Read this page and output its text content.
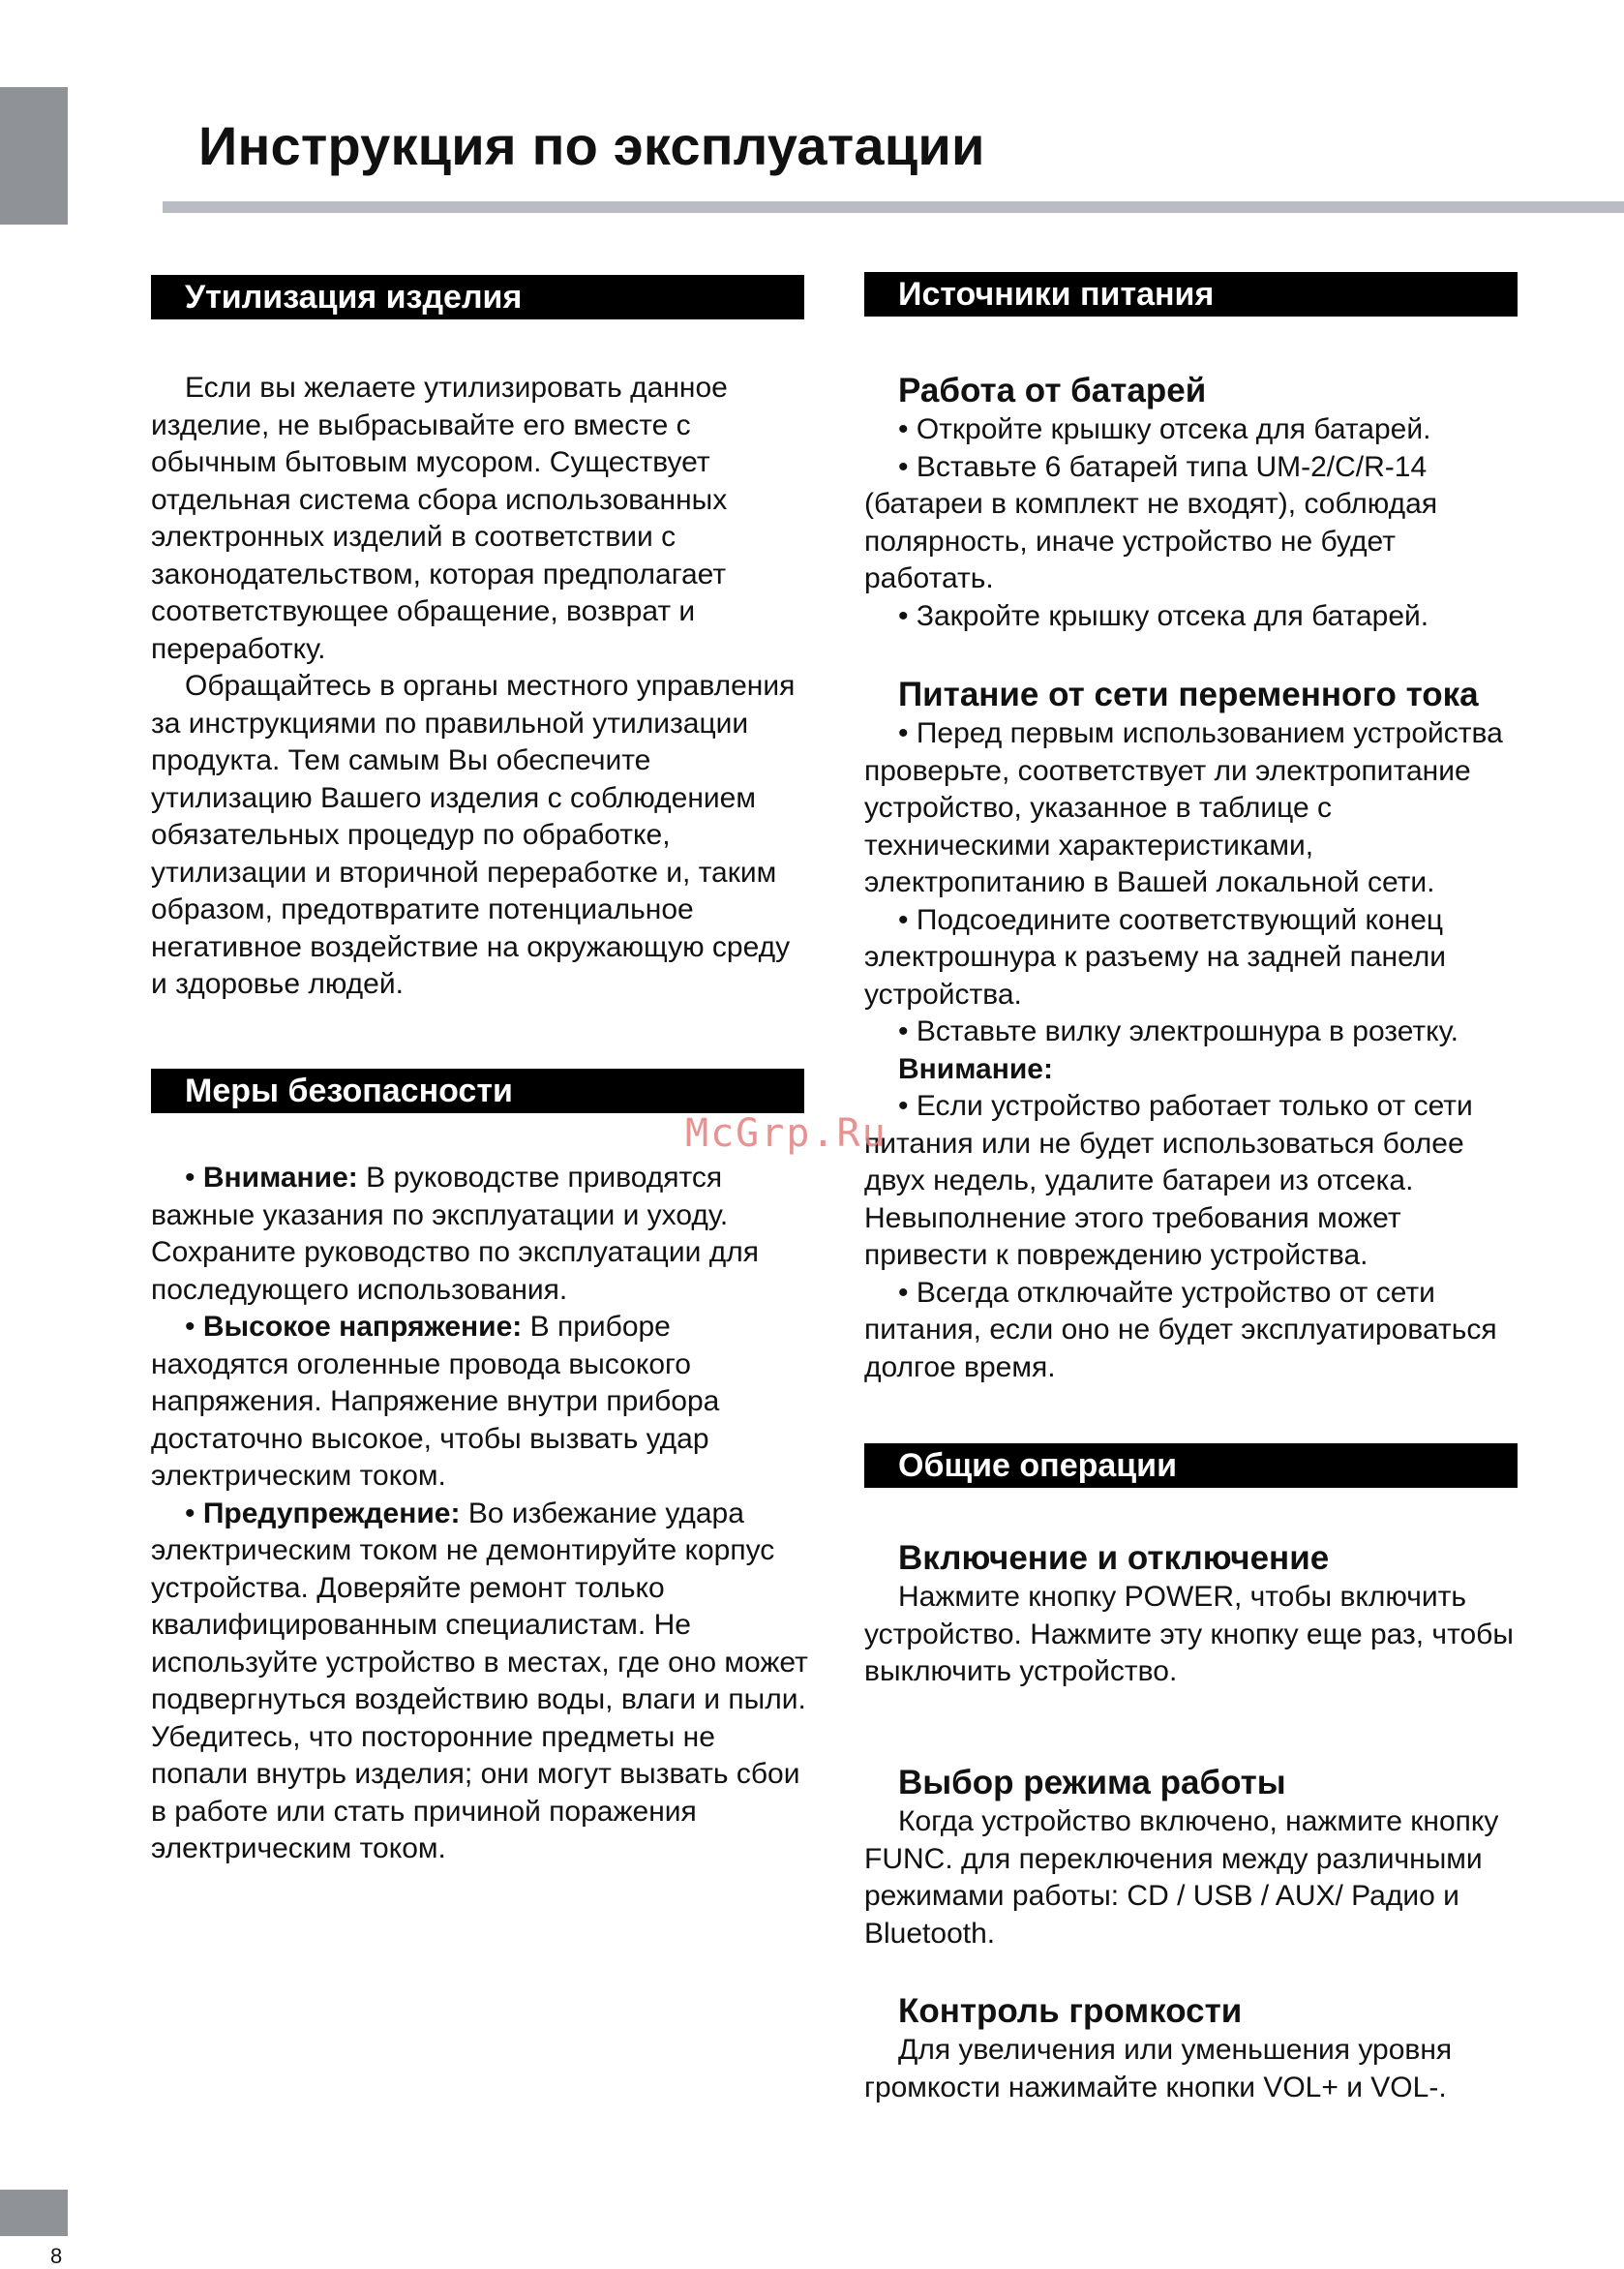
Инструкция по эксплуатации
Утилизация изделия

Если вы желаете утилизировать данное изделие, не выбрасывайте его вместе с обычным бытовым мусором. Существует отдельная система сбора использованных электронных изделий в соответствии с законодательством, которая предполагает соответствующее обращение, возврат и переработку.

Обращайтесь в органы местного управления за инструкциями по правильной утилизации продукта. Тем самым Вы обеспечите утилизацию Вашего изделия с соблюдением обязательных процедур по обработке, утилизации и вторичной переработке и, таким образом, предотвратите потенциальное негативное воздействие на окружающую среду и здоровье людей.

Меры безопасности

• Внимание: В руководстве приводятся важные указания по эксплуатации и уходу. Сохраните руководство по эксплуатации для последующего использования.

• Высокое напряжение: В приборе находятся оголенные провода высокого напряжения. Напряжение внутри прибора достаточно высокое, чтобы вызвать удар электрическим током.

• Предупреждение: Во избежание удара электрическим током не демонтируйте корпус устройства. Доверяйте ремонт только квалифицированным специалистам. Не используйте устройство в местах, где оно может подвергнуться воздействию воды, влаги и пыли. Убедитесь, что посторонние предметы не попали внутрь изделия; они могут вызвать сбои в работе или стать причиной поражения электрическим током.

Источники питания
Работа от батарей

• Откройте крышку отсека для батарей.

• Вставьте 6 батарей типа UM-2/C/R-14 (батареи в комплект не входят), соблюдая полярность, иначе устройство не будет работать.

• Закройте крышку отсека для батарей.

Питание от сети переменного тока

• Перед первым использованием устройства проверьте, соответствует ли электропитание устройство, указанное в таблице с техническими характеристиками, электропитанию в Вашей локальной сети.

• Подсоедините соответствующий конец электрошнура к разъему на задней панели устройства.

• Вставьте вилку электрошнура в розетку.

Внимание:

• Если устройство работает только от сети питания или не будет использоваться более двух недель, удалите батареи из отсека. Невыполнение этого требования может привести к повреждению устройства.

• Всегда отключайте устройство от сети питания, если оно не будет эксплуатироваться долгое время.

Общие операции
Включение и отключение

Нажмите кнопку POWER, чтобы включить устройство. Нажмите эту кнопку еще раз, чтобы выключить устройство.

Выбор режима работы

Когда устройство включено, нажмите кнопку FUNC. для переключения между различными режимами работы: CD / USB / AUX/ Радио и Bluetooth.

Контроль громкости

Для увеличения или уменьшения уровня громкости нажимайте кнопки VOL+ и VOL-.

McGrp.Ru
8
